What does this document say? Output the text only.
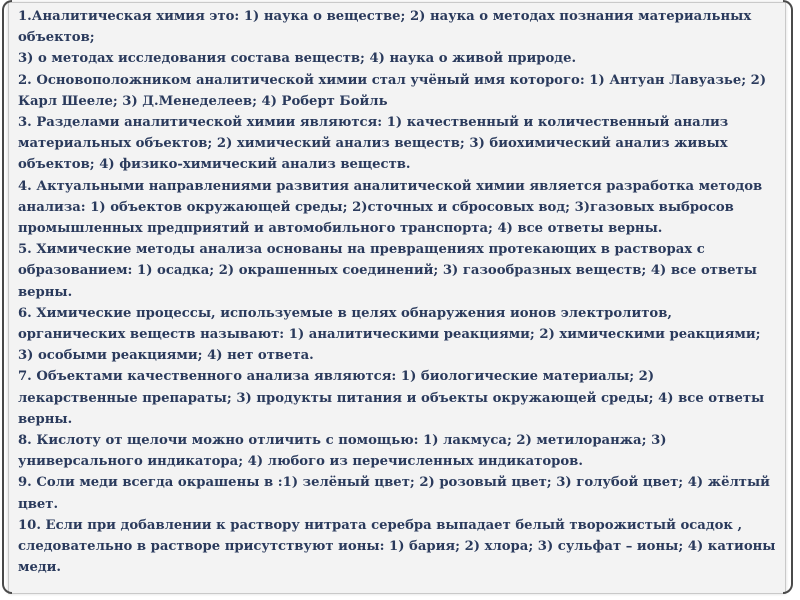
1.Аналитическая химия это: 1) наука о веществе; 2) наука о методах познания материальных объектов;
3) о методах исследования состава веществ; 4) наука о живой природе.
2. Основоположником аналитической химии стал учёный имя которого: 1) Антуан Лавуазье; 2) Карл Шееле; 3) Д.Менеделеев; 4) Роберт Бойль
3. Разделами аналитической химии являются: 1) качественный и количественный анализ материальных объектов; 2) химический анализ веществ; 3) биохимический анализ живых объектов; 4) физико-химический анализ веществ.
4. Актуальными направлениями развития аналитической химии является разработка методов анализа: 1) объектов окружающей среды; 2)сточных и сбросовых вод; 3)газовых выбросов промышленных предприятий и автомобильного транспорта; 4) все ответы верны.
5. Химические методы анализа основаны на превращениях протекающих в растворах с образованием: 1) осадка; 2) окрашенных соединений; 3) газообразных веществ; 4) все ответы верны.
6. Химические процессы, используемые в целях обнаружения ионов электролитов, органических веществ называют: 1) аналитическими реакциями; 2) химическими реакциями; 3) особыми реакциями; 4) нет ответа.
7. Объектами качественного анализа являются: 1) биологические материалы; 2) лекарственные препараты; 3) продукты питания и объекты окружающей среды; 4) все ответы верны.
8. Кислоту от щелочи можно отличить с помощью: 1) лакмуса; 2) метилоранжа; 3) универсального индикатора; 4) любого из перечисленных индикаторов.
9. Соли меди всегда окрашены в :1) зелёный цвет; 2) розовый цвет; 3) голубой цвет; 4) жёлтый цвет.
10. Если при добавлении к раствору нитрата серебра выпадает белый творожистый осадок , следовательно в растворе присутствуют ионы: 1) бария; 2) хлора; 3) сульфат – ионы; 4) катионы меди.
